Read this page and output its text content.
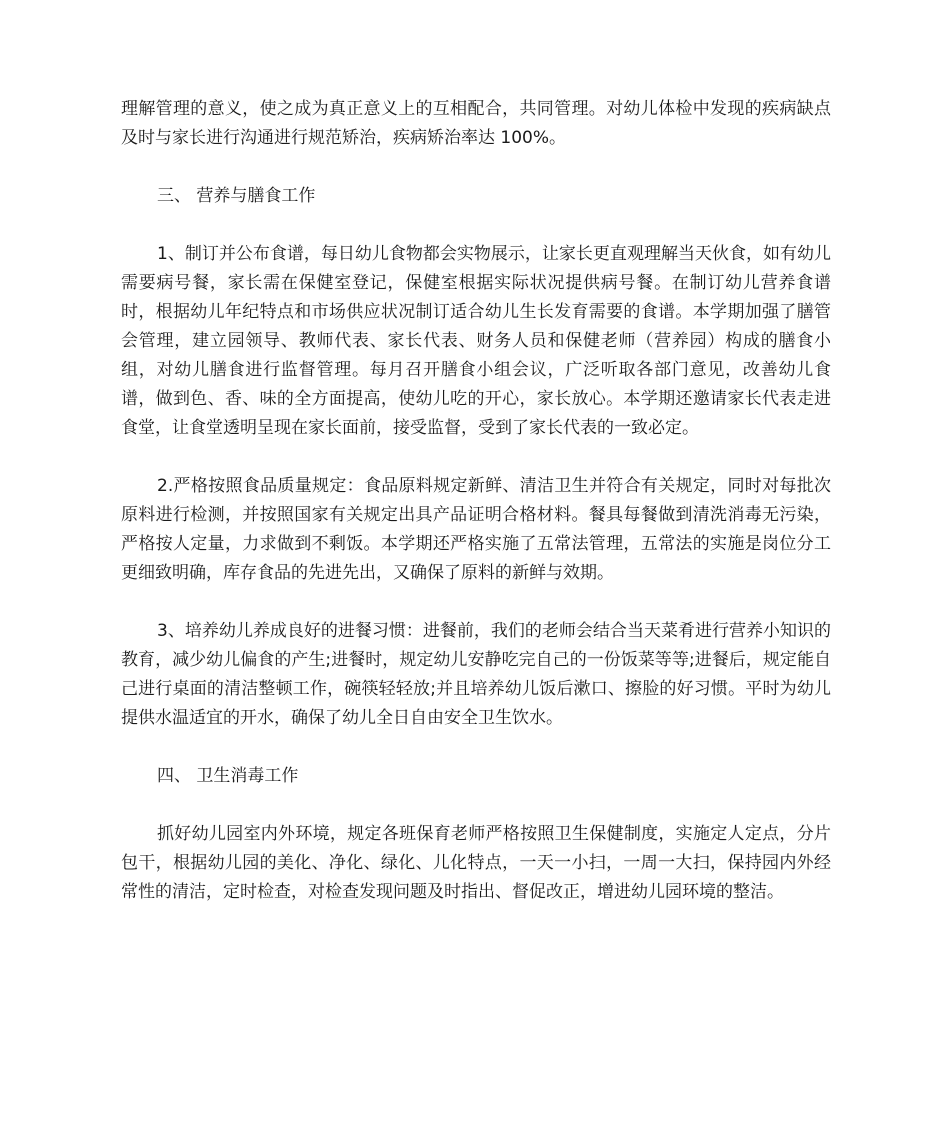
理解管理的意义，使之成为真正意义上的互相配合，共同管理。对幼儿体检中发现的疾病缺点及时与家长进行沟通进行规范矫治，疾病矫治率达 100%。

三、 营养与膳食工作

1、制订并公布食谱，每日幼儿食物都会实物展示，让家长更直观理解当天伙食，如有幼儿需要病号餐，家长需在保健室登记，保健室根据实际状况提供病号餐。在制订幼儿营养食谱时，根据幼儿年纪特点和市场供应状况制订适合幼儿生长发育需要的食谱。本学期加强了膳管会管理，建立园领导、教师代表、家长代表、财务人员和保健老师（营养园）构成的膳食小组，对幼儿膳食进行监督管理。每月召开膳食小组会议，广泛听取各部门意见，改善幼儿食谱，做到色、香、味的全方面提高，使幼儿吃的开心，家长放心。本学期还邀请家长代表走进食堂，让食堂透明呈现在家长面前，接受监督，受到了家长代表的一致必定。

2.严格按照食品质量规定：食品原料规定新鲜、清洁卫生并符合有关规定，同时对每批次原料进行检测，并按照国家有关规定出具产品证明合格材料。餐具每餐做到清洗消毒无污染，严格按人定量，力求做到不剩饭。本学期还严格实施了五常法管理，五常法的实施是岗位分工更细致明确，库存食品的先进先出，又确保了原料的新鲜与效期。

3、培养幼儿养成良好的进餐习惯：进餐前，我们的老师会结合当天菜肴进行营养小知识的教育，减少幼儿偏食的产生;进餐时，规定幼儿安静吃完自己的一份饭菜等等;进餐后，规定能自己进行桌面的清洁整顿工作，碗筷轻轻放;并且培养幼儿饭后漱口、擦脸的好习惯。平时为幼儿提供水温适宜的开水，确保了幼儿全日自由安全卫生饮水。

四、 卫生消毒工作

抓好幼儿园室内外环境，规定各班保育老师严格按照卫生保健制度，实施定人定点，分片包干，根据幼儿园的美化、净化、绿化、儿化特点，一天一小扫，一周一大扫，保持园内外经常性的清洁，定时检查，对检查发现问题及时指出、督促改正，增进幼儿园环境的整洁。
